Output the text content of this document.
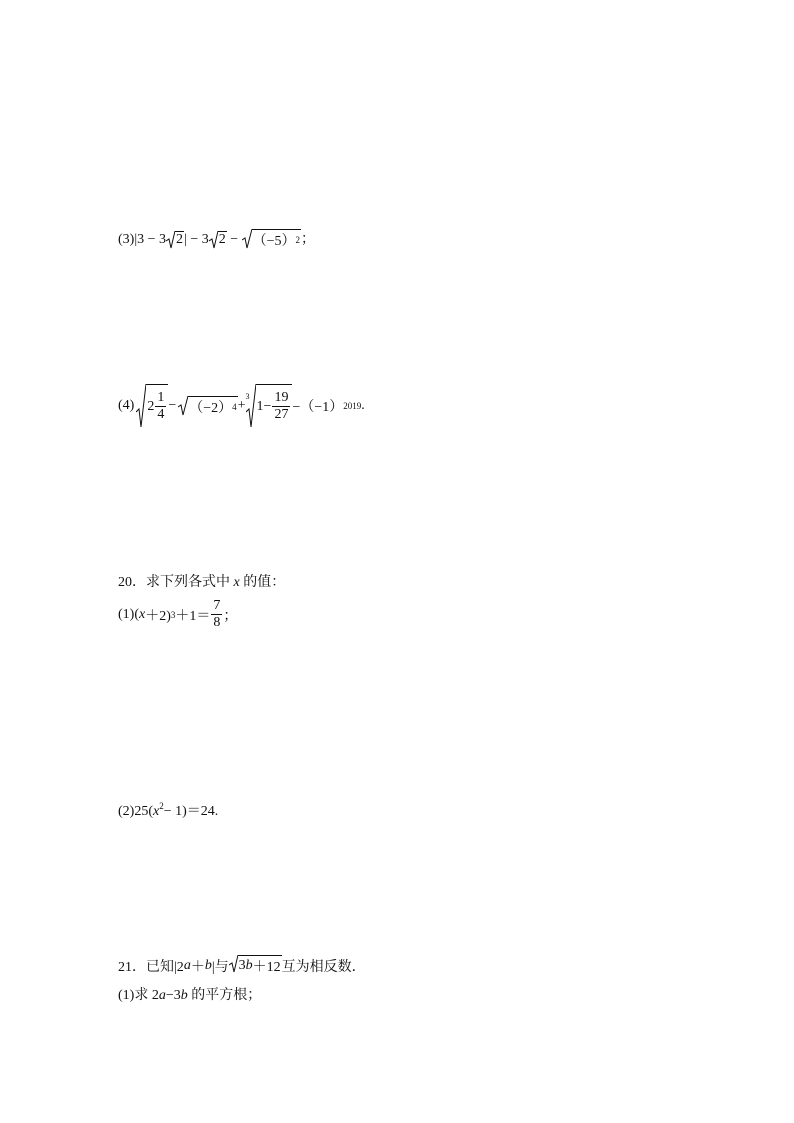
(3)|3 − 3 2 | − 3 2 − （−5） 2 ；
(4) $2 \frac{1}{4} - (-2) 4$ +
3
$1- \frac{19}{27} -(-1)$ 2019 .
20．求下列各式中 x 的值：
(1)( x ＋2) $3 +1= \frac{7}{8}$ ；
$(2)25(x^2- 1)=24$.
21．已知|2 a ＋ b |与 3 b ＋12 互为相反数．
(1)求 2a−3b 的平方根；
